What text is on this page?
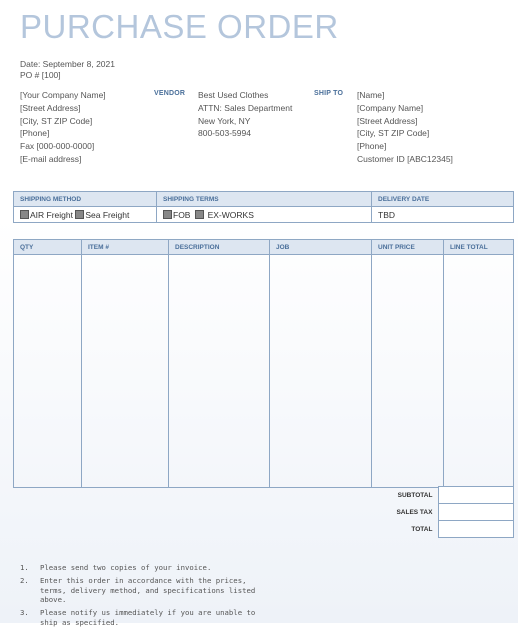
PURCHASE ORDER
Date: September 8, 2021
PO # [100]
[Your Company Name]
[Street Address]
[City, ST ZIP Code]
[Phone]
Fax [000-000-0000]
[E-mail address]
VENDOR Best Used Clothes
ATTN: Sales Department
New York, NY
800-503-5994
SHIP TO [Name]
[Company Name]
[Street Address]
[City, ST ZIP Code]
[Phone]
Customer ID [ABC12345]
SHIPPING METHOD	SHIPPING TERMS	DELIVERY DATE
AIR Freight Sea Freight	FOB EX-WORKS	TBD
QTY	ITEM #	DESCRIPTION	JOB	UNIT PRICE	LINE TOTAL

SUBTOTAL	
SALES TAX	
TOTAL	
1.	Please send two copies of your invoice.
2.	Enter this order in accordance with the prices, terms, delivery method, and specifications listed above.
3.	Please notify us immediately if you are unable to ship as specified.
